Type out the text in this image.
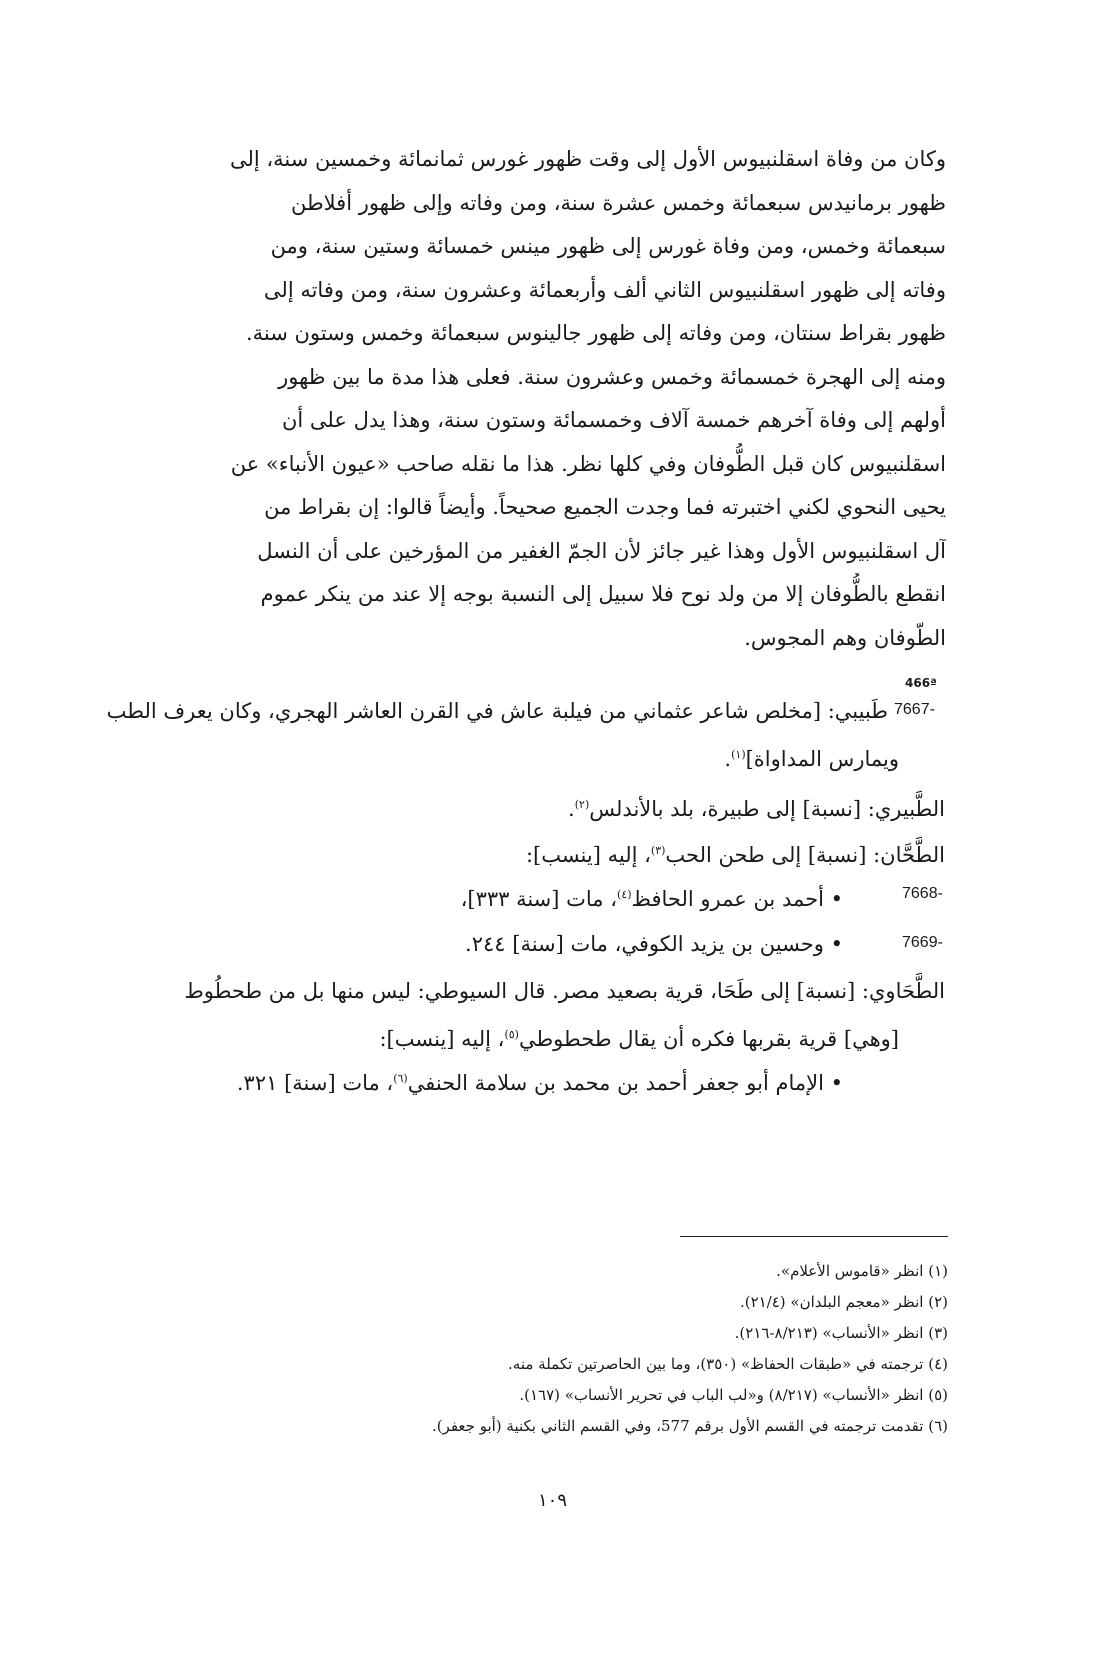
وكان من وفاة اسقلنبيوس الأول إلى وقت ظهور غورس ثمانمائة وخمسين سنة، إلى
ظهور برمانيدس سبعمائة وخمس عشرة سنة، ومن وفاته وإلى ظهور أفلاطن
سبعمائة وخمس، ومن وفاة غورس إلى ظهور مينس خمسائة وستين سنة، ومن
وفاته إلى ظهور اسقلنبيوس الثاني ألف وأربعمائة وعشرون سنة، ومن وفاته إلى
ظهور بقراط سنتان، ومن وفاته إلى ظهور جالينوس سبعمائة وخمس وستون سنة.
ومنه إلى الهجرة خمسمائة وخمس وعشرون سنة. فعلى هذا مدة ما بين ظهور
أولهم إلى وفاة آخرهم خمسة آلاف وخمسمائة وستون سنة، وهذا يدل على أن
اسقلنبيوس كان قبل الطُّوفان وفي كلها نظر. هذا ما نقله صاحب «عيون الأنباء» عن
يحيى النحوي لكني اختبرته فما وجدت الجميع صحيحاً. وأيضاً قالوا: إن بقراط من
آل اسقلنبيوس الأول وهذا غير جائز لأن الجمّ الغفير من المؤرخين على أن النسل
انقطع بالطُّوفان إلا من ولد نوح فلا سبيل إلى النسبة بوجه إلا عند من ينكر عموم
الطّوفان وهم المجوس.
466ª
7667-
طَبيبي: [مخلص شاعر عثماني من فيلبة عاش في القرن العاشر الهجري، وكان يعرف الطب
ويمارس المداواة]$^{(١)}$.
الطَّبيري: [نسبة] إلى طبيرة، بلد بالأندلس$^{(٢)}$.
الطَّحَّان: [نسبة] إلى طحن الحب$^{(٣)}$، إليه [ينسب]:
7668-
• أحمد بن عمرو الحافظ$^{(٤)}$، مات [سنة ٣٣٣]،
7669-
• وحسين بن يزيد الكوفي، مات [سنة] ٢٤٤.
الطَّحَاوي: [نسبة] إلى طَحَا، قرية بصعيد مصر. قال السيوطي: ليس منها بل من طحطُوط
[وهي] قرية بقربها فكره أن يقال طحطوطي$^{(٥)}$، إليه [ينسب]:
• الإمام أبو جعفر أحمد بن محمد بن سلامة الحنفي$^{(٦)}$، مات [سنة] ٣٢١.
١٠٩
(١) انظر «قاموس الأعلام».
(٢) انظر «معجم البلدان» (٢١/٤).
(٣) انظر «الأنساب» (٨/٢١٣-٢١٦).
(٤) ترجمته في «طبقات الحفاظ» (٣٥٠)، وما بين الحاصرتين تكملة منه.
(٥) انظر «الأنساب» (٨/٢١٧) و«لب الباب في تحرير الأنساب» (١٦٧).
(٦) تقدمت ترجمته في القسم الأول برقم 577، وفي القسم الثاني بكنية (أبو جعفر).
